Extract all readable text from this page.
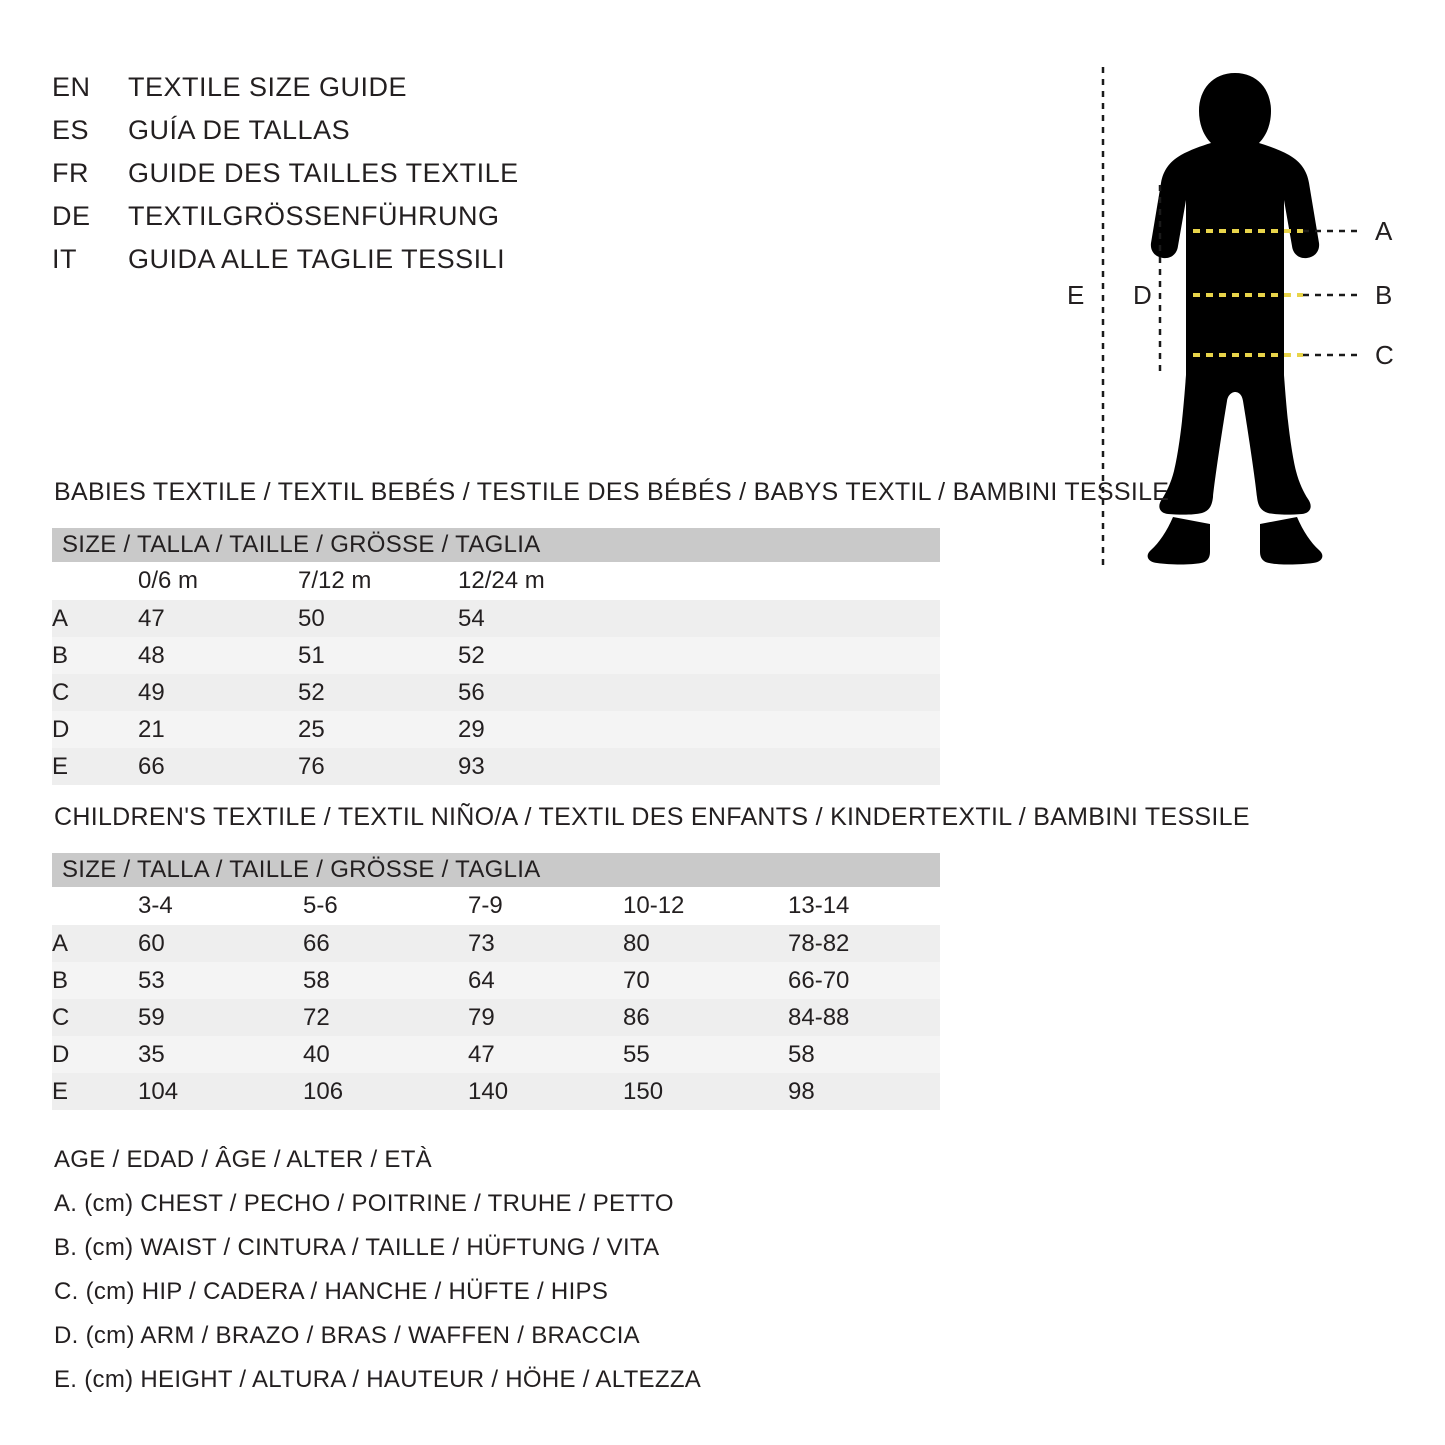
EN	TEXTILE SIZE GUIDE
ES	GUÍA DE TALLAS
FR	GUIDE DES TAILLES TEXTILE
DE	TEXTILGRÖSSENFÜHRUNG
IT	GUIDA ALLE TAGLIE TESSILI
A
B
C
D
E
BABIES TEXTILE / TEXTIL BEBÉS / TESTILE DES BÉBÉS / BABYS TEXTIL / BAMBINI TESSILE
SIZE / TALLA / TAILLE / GRÖSSE / TAGLIA			
	0/6 m	7/12 m	12/24 m
A	47	50	54
B	48	51	52
C	49	52	56
D	21	25	29
E	66	76	93
CHILDREN'S TEXTILE / TEXTIL NIÑO/A / TEXTIL DES ENFANTS / KINDERTEXTIL / BAMBINI TESSILE
SIZE / TALLA / TAILLE / GRÖSSE / TAGLIA					
	3-4	5-6	7-9	10-12	13-14
A	60	66	73	80	78-82
B	53	58	64	70	66-70
C	59	72	79	86	84-88
D	35	40	47	55	58
E	104	106	140	150	98
AGE / EDAD / ÂGE / ALTER / ETÀ
A. (cm) CHEST / PECHO / POITRINE / TRUHE / PETTO
B. (cm) WAIST / CINTURA / TAILLE / HÜFTUNG / VITA
C. (cm) HIP / CADERA / HANCHE / HÜFTE / HIPS
D. (cm) ARM / BRAZO / BRAS / WAFFEN / BRACCIA
E. (cm) HEIGHT / ALTURA / HAUTEUR / HÖHE / ALTEZZA
